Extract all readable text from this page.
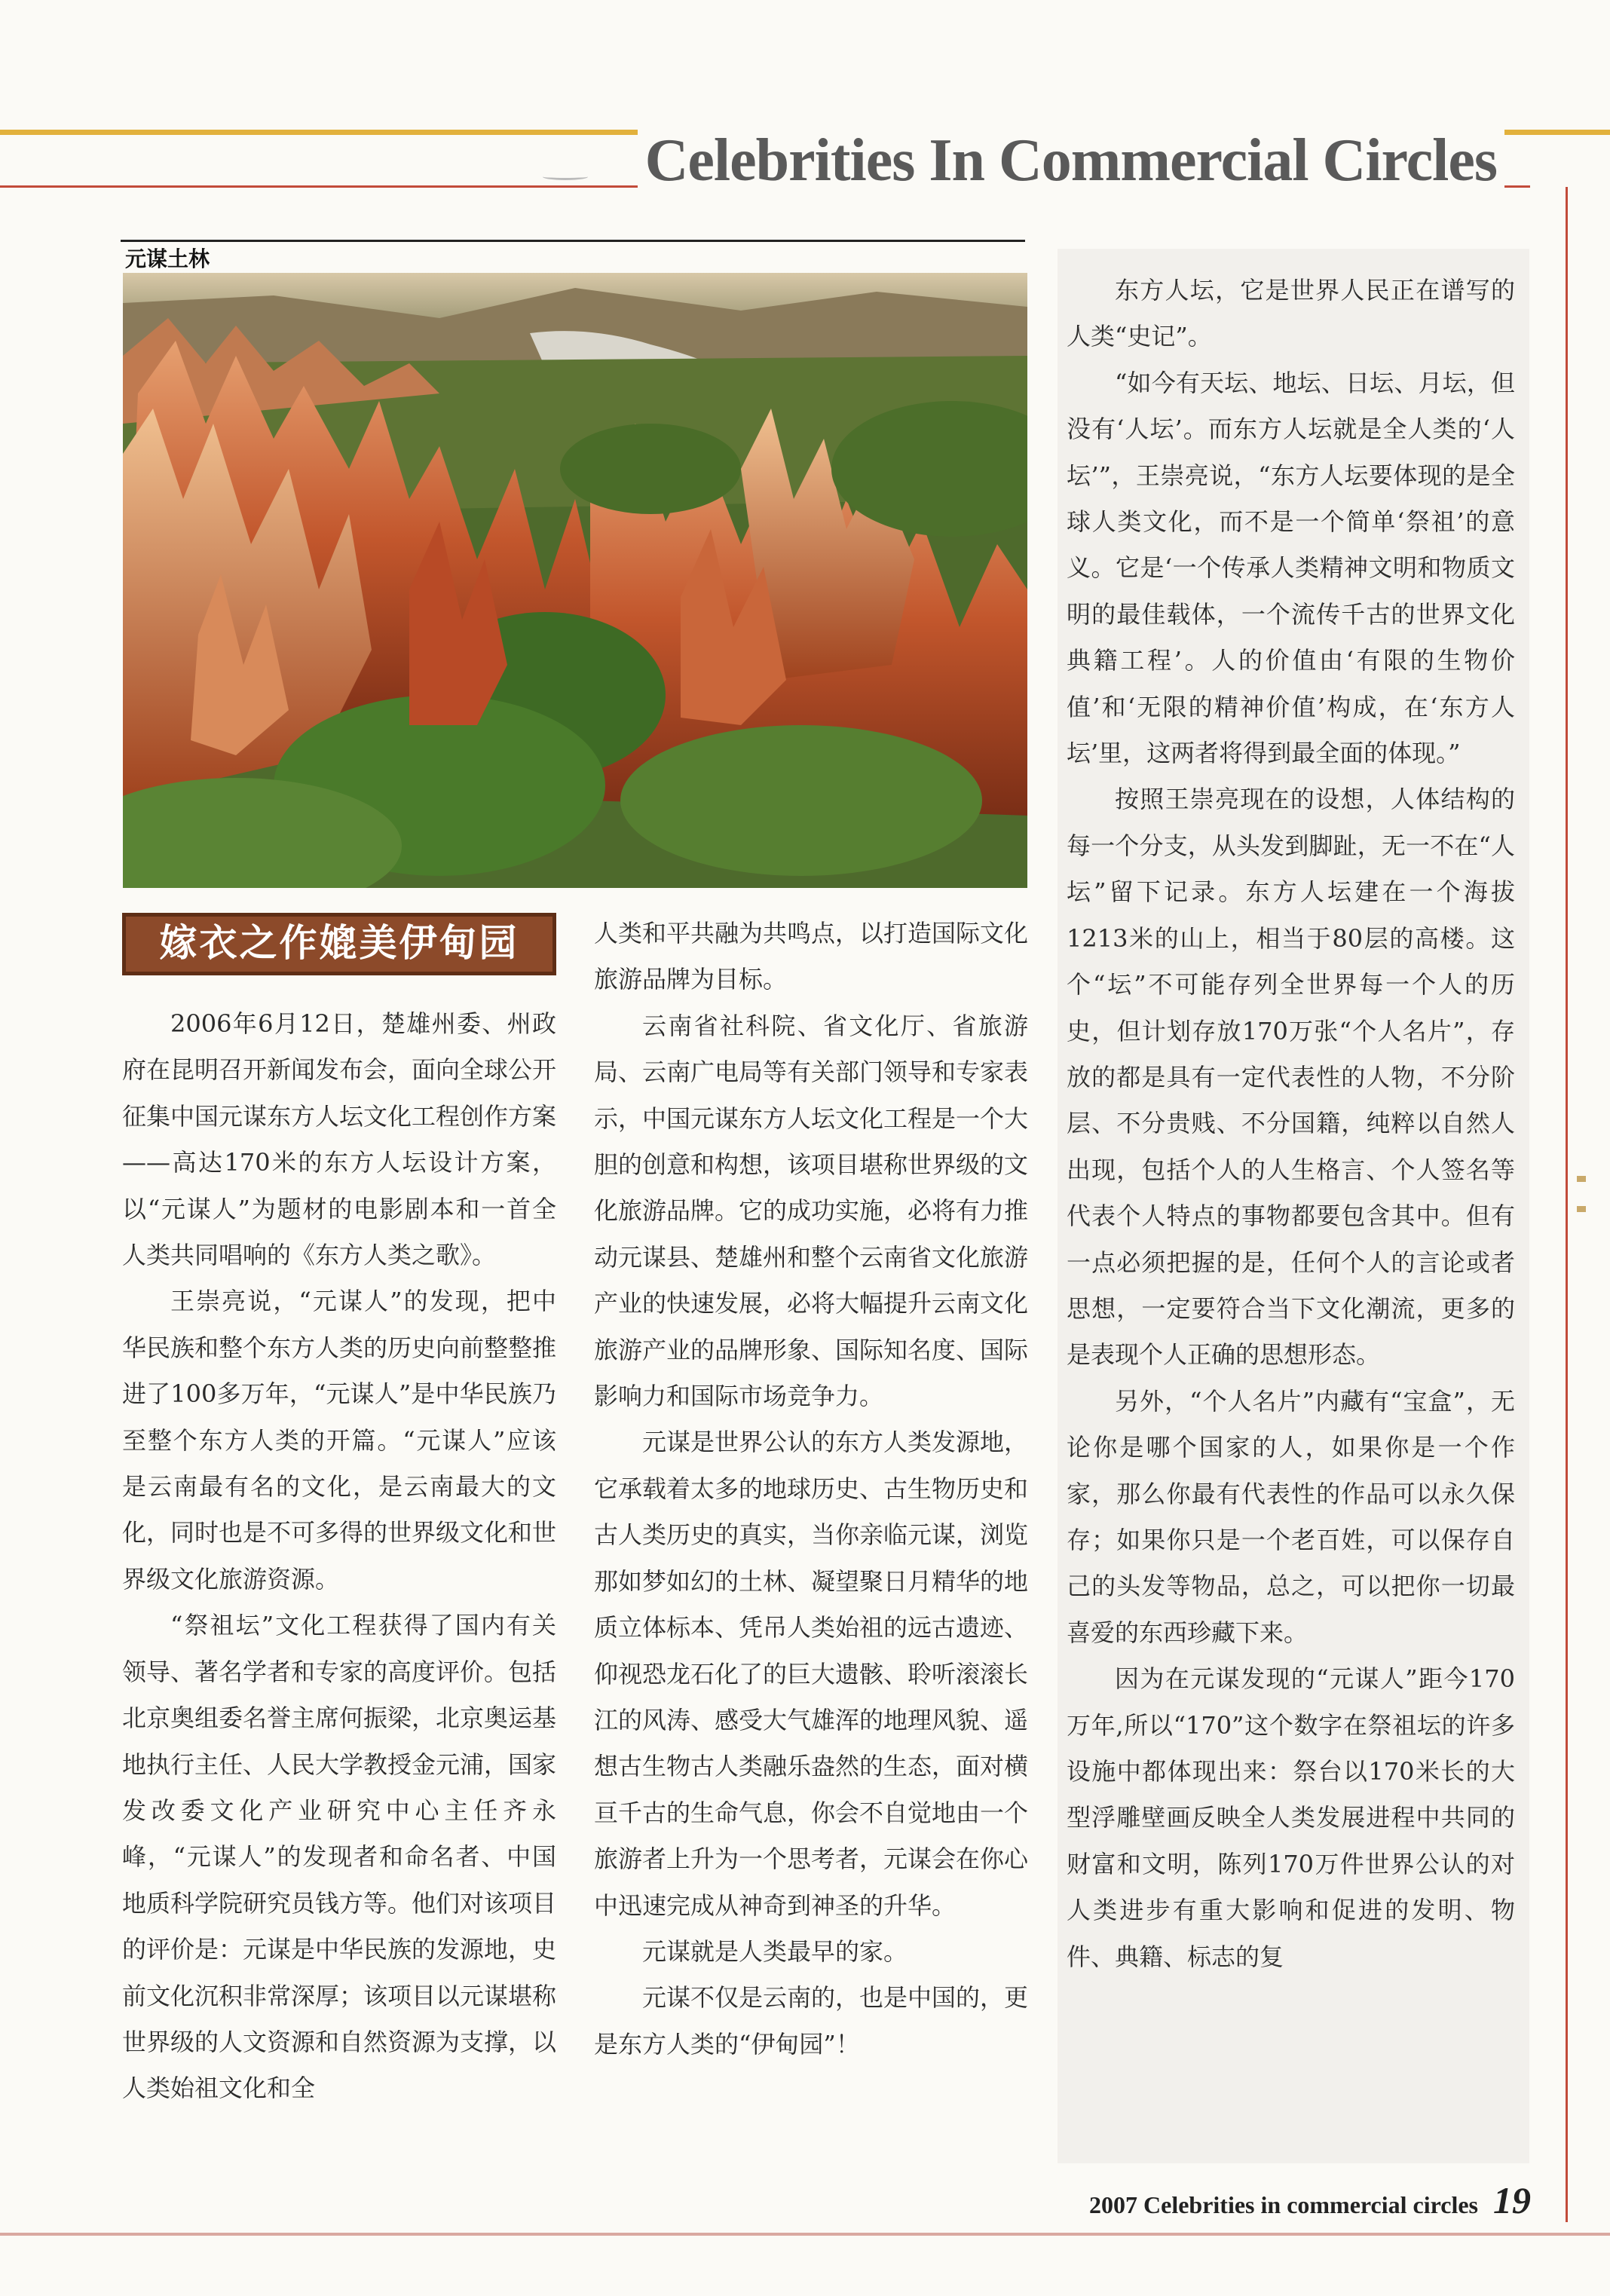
Celebrities In Commercial Circles
元谋土林
嫁衣之作媲美伊甸园

2006年6月12日，楚雄州委、州政府在昆明召开新闻发布会，面向全球公开征集中国元谋东方人坛文化工程创作方案——高达170米的东方人坛设计方案，以“元谋人”为题材的电影剧本和一首全人类共同唱响的《东方人类之歌》。

王崇亮说，“元谋人”的发现，把中华民族和整个东方人类的历史向前整整推进了100多万年，“元谋人”是中华民族乃至整个东方人类的开篇。“元谋人”应该是云南最有名的文化，是云南最大的文化，同时也是不可多得的世界级文化和世界级文化旅游资源。

“祭祖坛”文化工程获得了国内有关领导、著名学者和专家的高度评价。包括北京奥组委名誉主席何振梁，北京奥运基地执行主任、人民大学教授金元浦，国家发改委文化产业研究中心主任齐永峰，“元谋人”的发现者和命名者、中国地质科学院研究员钱方等。他们对该项目的评价是：元谋是中华民族的发源地，史前文化沉积非常深厚；该项目以元谋堪称世界级的人文资源和自然资源为支撑，以人类始祖文化和全

人类和平共融为共鸣点，以打造国际文化旅游品牌为目标。

云南省社科院、省文化厅、省旅游局、云南广电局等有关部门领导和专家表示，中国元谋东方人坛文化工程是一个大胆的创意和构想，该项目堪称世界级的文化旅游品牌。它的成功实施，必将有力推动元谋县、楚雄州和整个云南省文化旅游产业的快速发展，必将大幅提升云南文化旅游产业的品牌形象、国际知名度、国际影响力和国际市场竞争力。

元谋是世界公认的东方人类发源地，它承载着太多的地球历史、古生物历史和古人类历史的真实，当你亲临元谋，浏览那如梦如幻的土林、凝望聚日月精华的地质立体标本、凭吊人类始祖的远古遗迹、仰视恐龙石化了的巨大遗骸、聆听滚滚长江的风涛、感受大气雄浑的地理风貌、遥想古生物古人类融乐盎然的生态，面对横亘千古的生命气息，你会不自觉地由一个旅游者上升为一个思考者，元谋会在你心中迅速完成从神奇到神圣的升华。

元谋就是人类最早的家。

元谋不仅是云南的，也是中国的，更是东方人类的“伊甸园”！

东方人坛，它是世界人民正在谱写的人类“史记”。

“如今有天坛、地坛、日坛、月坛，但没有‘人坛’。而东方人坛就是全人类的‘人坛’”，王崇亮说，“东方人坛要体现的是全球人类文化，而不是一个简单‘祭祖’的意义。它是‘一个传承人类精神文明和物质文明的最佳载体，一个流传千古的世界文化典籍工程’。人的价值由‘有限的生物价值’和‘无限的精神价值’构成，在‘东方人坛’里，这两者将得到最全面的体现。”

按照王崇亮现在的设想，人体结构的每一个分支，从头发到脚趾，无一不在“人坛”留下记录。东方人坛建在一个海拔1213米的山上，相当于80层的高楼。这个“坛”不可能存列全世界每一个人的历史，但计划存放170万张“个人名片”，存放的都是具有一定代表性的人物，不分阶层、不分贵贱、不分国籍，纯粹以自然人出现，包括个人的人生格言、个人签名等代表个人特点的事物都要包含其中。但有一点必须把握的是，任何个人的言论或者思想，一定要符合当下文化潮流，更多的是表现个人正确的思想形态。

另外，“个人名片”内藏有“宝盒”，无论你是哪个国家的人，如果你是一个作家，那么你最有代表性的作品可以永久保存；如果你只是一个老百姓，可以保存自己的头发等物品，总之，可以把你一切最喜爱的东西珍藏下来。

因为在元谋发现的“元谋人”距今170万年,所以“170”这个数字在祭祖坛的许多设施中都体现出来：祭台以170米长的大型浮雕壁画反映全人类发展进程中共同的财富和文明，陈列170万件世界公认的对人类进步有重大影响和促进的发明、物件、典籍、标志的复

2007 Celebrities in commercial circles 19
